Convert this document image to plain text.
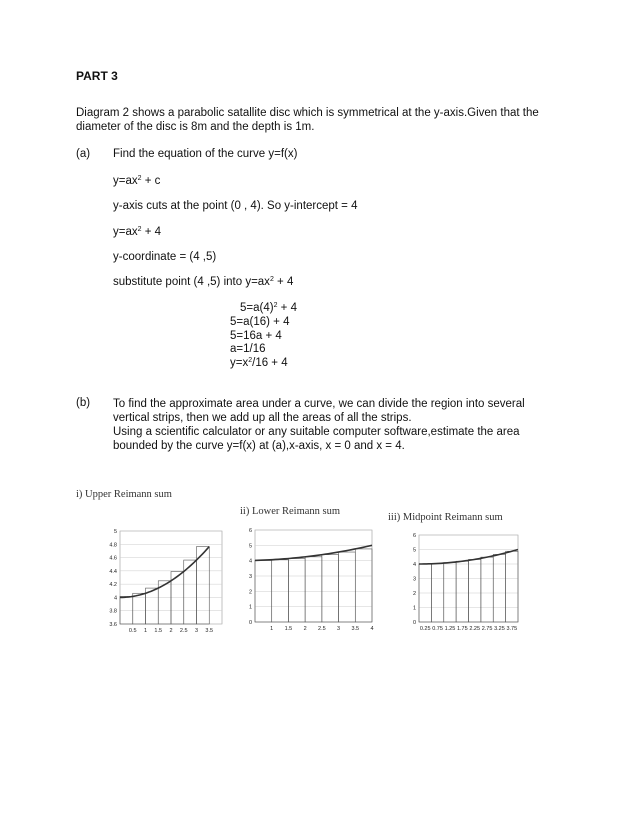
PART 3
Diagram 2 shows a parabolic satallite disc which is symmetrical at the y-axis.Given that the diameter of the disc is 8m and the depth is 1m.
(a) Find the equation of the curve y=f(x)
$y=ax^2 + c$
y-axis cuts at the point (0 , 4). So y-intercept = 4
$y=ax^2 + 4$
y-coordinate = (4 ,5)
substitute point (4 ,5) into $y=ax^2 + 4$
$5=a(4)^2 + 4$
5=a(16) + 4
5=16a + 4
a=1/16
$y=x^2/16 + 4$
(b) To find the approximate area under a curve, we can divide the region into several vertical strips, then we add up all the areas of all the strips.
Using a scientific calculator or any suitable computer software,estimate the area bounded by the curve y=f(x) at (a),x-axis, x = 0 and x = 4.
i) Upper Reimann sum
ii) Lower Reimann sum
iii) Midpoint Reimann sum
3.6
3.8
4
4.2
4.4
4.6
4.8
5
0.5 1 1.5 2 2.5 3 3.5
0
1
2
3
4
5
6
1 1.5 2 2.5 3 3.5 4
0
1
2
3
4
5
6
0.25 0.75 1.25 1.75 2.25 2.75 3.25 3.75
